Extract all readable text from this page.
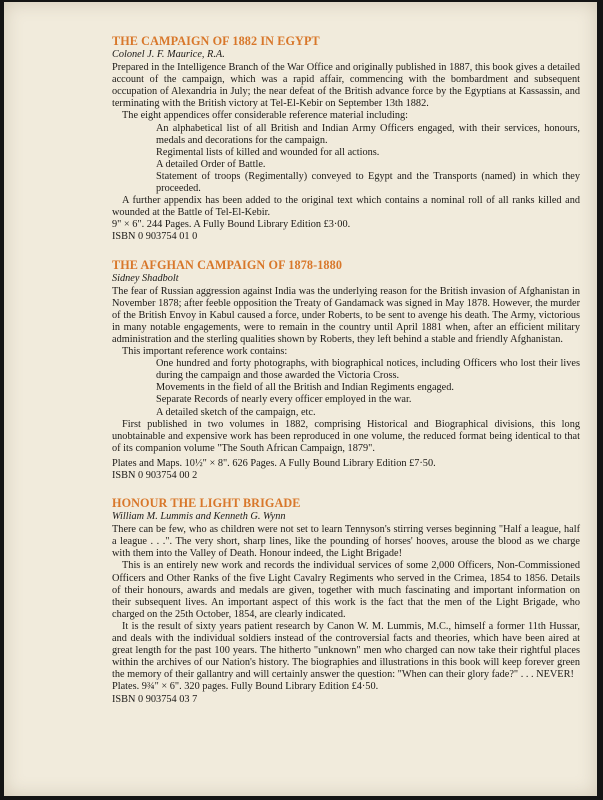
THE CAMPAIGN OF 1882 IN EGYPT
Colonel J. F. Maurice, R.A.

Prepared in the Intelligence Branch of the War Office and originally published in 1887, this book gives a detailed account of the campaign, which was a rapid affair, commencing with the bombardment and subsequent occupation of Alexandria in July; the near defeat of the British advance force by the Egyptians at Kassassin, and terminating with the British victory at Tel-El-Kebir on September 13th 1882.

The eight appendices offer considerable reference material including:

An alphabetical list of all British and Indian Army Officers engaged, with their services, honours, medals and decorations for the campaign.

Regimental lists of killed and wounded for all actions.

A detailed Order of Battle.

Statement of troops (Regimentally) conveyed to Egypt and the Transports (named) in which they proceeded.

A further appendix has been added to the original text which contains a nominal roll of all ranks killed and wounded at the Battle of Tel-El-Kebir.

9" × 6". 244 Pages. A Fully Bound Library Edition £3·00.

ISBN 0 903754 01 0

THE AFGHAN CAMPAIGN OF 1878-1880
Sidney Shadbolt

The fear of Russian aggression against India was the underlying reason for the British invasion of Afghanistan in November 1878; after feeble opposition the Treaty of Gandamack was signed in May 1878. However, the murder of the British Envoy in Kabul caused a force, under Roberts, to be sent to avenge his death. The Army, victorious in many notable engagements, were to remain in the country until April 1881 when, after an efficient military administration and the sterling qualities shown by Roberts, they left behind a stable and friendly Afghanistan.

This important reference work contains:

One hundred and forty photographs, with biographical notices, including Officers who lost their lives during the campaign and those awarded the Victoria Cross.

Movements in the field of all the British and Indian Regiments engaged.

Separate Records of nearly every officer employed in the war.

A detailed sketch of the campaign, etc.

First published in two volumes in 1882, comprising Historical and Biographical divisions, this long unobtainable and expensive work has been reproduced in one volume, the reduced format being identical to that of its companion volume "The South African Campaign, 1879".

Plates and Maps. 10½" × 8". 626 Pages. A Fully Bound Library Edition £7·50.

ISBN 0 903754 00 2

HONOUR THE LIGHT BRIGADE
William M. Lummis and Kenneth G. Wynn

There can be few, who as children were not set to learn Tennyson's stirring verses beginning "Half a league, half a league . . .". The very short, sharp lines, like the pounding of horses' hooves, arouse the blood as we charge with them into the Valley of Death. Honour indeed, the Light Brigade!

This is an entirely new work and records the individual services of some 2,000 Officers, Non-Commissioned Officers and Other Ranks of the five Light Cavalry Regiments who served in the Crimea, 1854 to 1856. Details of their honours, awards and medals are given, together with much fascinating and important information on their subsequent lives. An important aspect of this work is the fact that the men of the Light Brigade, who charged on the 25th October, 1854, are clearly indicated.

It is the result of sixty years patient research by Canon W. M. Lummis, M.C., himself a former 11th Hussar, and deals with the individual soldiers instead of the controversial facts and theories, which have been aired at great length for the past 100 years. The hitherto "unknown" men who charged can now take their rightful places within the archives of our Nation's history. The biographies and illustrations in this book will keep forever green the memory of their gallantry and will certainly answer the question: "When can their glory fade?" . . . NEVER!

Plates. 9¾" × 6". 320 pages. Fully Bound Library Edition £4·50.

ISBN 0 903754 03 7
